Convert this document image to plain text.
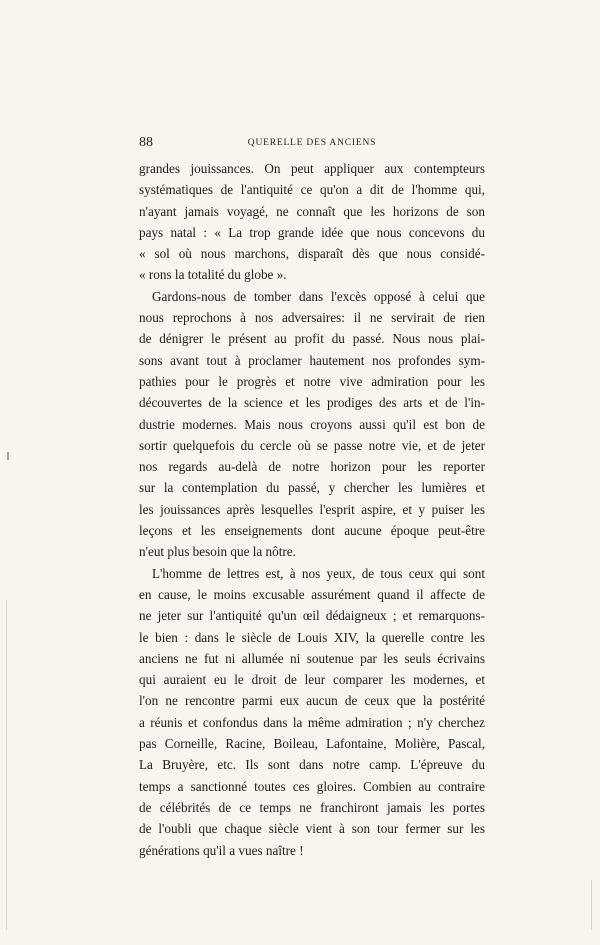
88	QUERELLE DES ANCIENS
grandes jouissances. On peut appliquer aux contempteurs
systématiques de l'antiquité ce qu'on a dit de l'homme qui,
n'ayant jamais voyagé, ne connaît que les horizons de son
pays natal : « La trop grande idée que nous concevons du
« sol où nous marchons, disparaît dès que nous considé-
« rons la totalité du globe ».
Gardons-nous de tomber dans l'excès opposé à celui que
nous reprochons à nos adversaires: il ne servirait de rien
de dénigrer le présent au profit du passé. Nous nous plai-
sons avant tout à proclamer hautement nos profondes sym-
pathies pour le progrès et notre vive admiration pour les
découvertes de la science et les prodiges des arts et de l'in-
dustrie modernes. Mais nous croyons aussi qu'il est bon de
sortir quelquefois du cercle où se passe notre vie, et de jeter
nos regards au-delà de notre horizon pour les reporter
sur la contemplation du passé, y chercher les lumières et
les jouissances après lesquelles l'esprit aspire, et y puiser les
leçons et les enseignements dont aucune époque peut-être
n'eut plus besoin que la nôtre.
L'homme de lettres est, à nos yeux, de tous ceux qui sont
en cause, le moins excusable assurément quand il affecte de
ne jeter sur l'antiquité qu'un œil dédaigneux ; et remarquons-
le bien : dans le siècle de Louis XIV, la querelle contre les
anciens ne fut ni allumée ni soutenue par les seuls écrivains
qui auraient eu le droit de leur comparer les modernes, et
l'on ne rencontre parmi eux aucun de ceux que la postérité
a réunis et confondus dans la même admiration ; n'y cherchez
pas Corneille, Racine, Boileau, Lafontaine, Molière, Pascal,
La Bruyère, etc. Ils sont dans notre camp. L'épreuve du
temps a sanctionné toutes ces gloires. Combien au contraire
de célébrités de ce temps ne franchiront jamais les portes
de l'oubli que chaque siècle vient à son tour fermer sur les
générations qu'il a vues naître !
